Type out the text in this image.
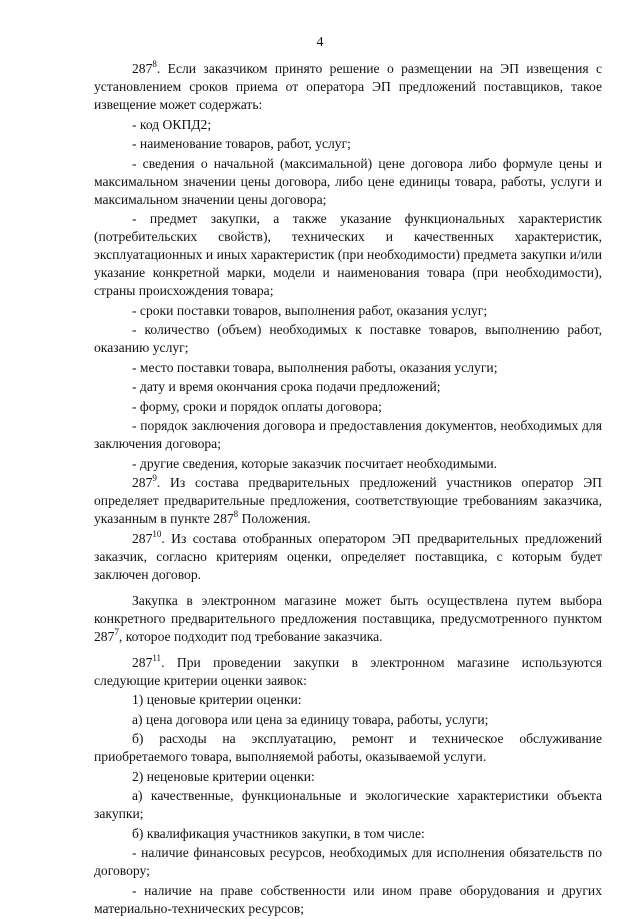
4

$287^8$. Если заказчиком принято решение о размещении на ЭП извещения с установлением сроков приема от оператора ЭП предложений поставщиков, такое извещение может содержать:

- код ОКПД2;

- наименование товаров, работ, услуг;

- сведения о начальной (максимальной) цене договора либо формуле цены и максимальном значении цены договора, либо цене единицы товара, работы, услуги и максимальном значении цены договора;

- предмет закупки, а также указание функциональных характеристик (потребительских свойств), технических и качественных характеристик, эксплуатационных и иных характеристик (при необходимости) предмета закупки и/или указание конкретной марки, модели и наименования товара (при необходимости), страны происхождения товара;

- сроки поставки товаров, выполнения работ, оказания услуг;

- количество (объем) необходимых к поставке товаров, выполнению работ, оказанию услуг;

- место поставки товара, выполнения работы, оказания услуги;

- дату и время окончания срока подачи предложений;

- форму, сроки и порядок оплаты договора;

- порядок заключения договора и предоставления документов, необходимых для заключения договора;

- другие сведения, которые заказчик посчитает необходимыми.

$287^9$. Из состава предварительных предложений участников оператор ЭП определяет предварительные предложения, соответствующие требованиям заказчика, указанным в пункте $287^8$ Положения.

$287^{10}$. Из состава отобранных оператором ЭП предварительных предложений заказчик, согласно критериям оценки, определяет поставщика, с которым будет заключен договор.

Закупка в электронном магазине может быть осуществлена путем выбора конкретного предварительного предложения поставщика, предусмотренного пунктом $287^7$, которое подходит под требование заказчика.

$287^{11}$. При проведении закупки в электронном магазине используются следующие критерии оценки заявок:

1) ценовые критерии оценки:

а) цена договора или цена за единицу товара, работы, услуги;

б) расходы на эксплуатацию, ремонт и техническое обслуживание приобретаемого товара, выполняемой работы, оказываемой услуги.

2) неценовые критерии оценки:

а) качественные, функциональные и экологические характеристики объекта закупки;

б) квалификация участников закупки, в том числе:

- наличие финансовых ресурсов, необходимых для исполнения обязательств по договору;

- наличие на праве собственности или ином праве оборудования и других материально-технических ресурсов;
